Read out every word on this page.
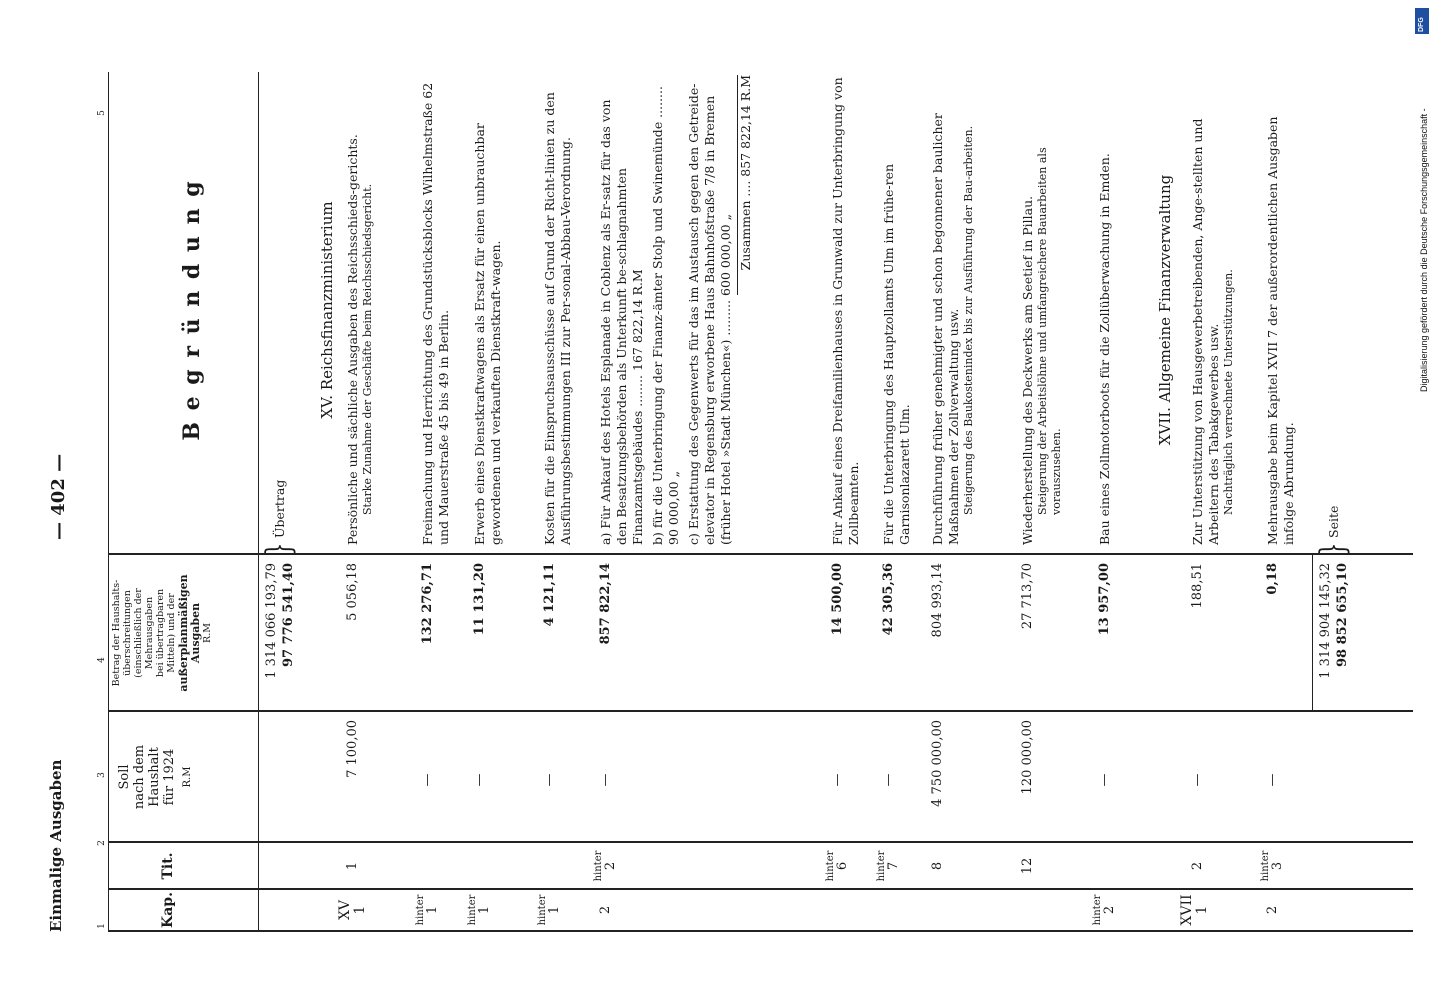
Einmalige Ausgaben
— 402 —
1
2
3
4
5
Kap.
Tit.
Soll nach dem Haushalt für 1924 R.M
Betrag der Haushalts- überschreitungen (einschließlich der Mehrausgaben bei übertragbaren Mitteln) und der außerplanmäßigen Ausgaben R.M
B e g r ü n d u n g
1 314 066 193,79 97 776 541,40
}
Übertrag
XV. Reichsfinanzministerium
XV 1
1
7 100,00
5 056,18
Persönliche und sächliche Ausgaben des Reichsschieds-gerichts. Starke Zunahme der Geschäfte beim Reichsschiedsgericht.
hinter 1
—
132 276,71
Freimachung und Herrichtung des Grundstücksblocks Wilhelmstraße 62 und Mauerstraße 45 bis 49 in Berlin.
hinter 1
—
11 131,20
Erwerb eines Dienstkraftwagens als Ersatz für einen unbrauchbar gewordenen und verkauften Dienstkraft-wagen.
hinter 1
—
4 121,11
Kosten für die Einspruchsausschüsse auf Grund der Richt-linien zu den Ausführungsbestimmungen III zur Per-sonal-Abbau-Verordnung.
2
hinter 2
—
857 822,14
a) Für Ankauf des Hotels Esplanade in Coblenz als Er-satz für das von den Besatzungsbehörden als Unterkunft be-schlagnahmten Finanzamtsgebäudes ........ 167 822,14 R.M b) für die Unterbringung der Finanz-ämter Stolp und Swinemünde ........ 90 000,00 „ c) Erstattung des Gegenwerts für das im Austausch gegen den Getreide-elevator in Regensburg erworbene Haus Bahnhofstraße 7/8 in Bremen (früher Hotel »Stadt München«) ......... 600 000,00 „
Zusammen .... 857 822,14 R.M
hinter 6
—
14 500,00
Für Ankauf eines Dreifamilienhauses in Grunwald zur Unterbringung von Zollbeamten.
hinter 7
—
42 305,36
Für die Unterbringung des Hauptzollamts Ulm im frühe-ren Garnisonlazarett Ulm.
8
4 750 000,00
804 993,14
Durchführung früher genehmigter und schon begonnener baulicher Maßnahmen der Zollverwaltung usw. Steigerung des Baukostenindex bis zur Ausführung der Bau-arbeiten.
12
120 000,00
27 713,70
Wiederherstellung des Deckwerks am Seetief in Pillau. Steigerung der Arbeitslöhne und umfangreichere Bauarbeiten als vorauszusehen.
hinter 2
—
13 957,00
Bau eines Zollmotorboots für die Zollüberwachung in Emden.	XVII. Allgemeine Finanzverwaltung
XVII 1
2
—
188,51
Zur Unterstützung von Hausgewerbetreibenden, Ange-stellten und Arbeitern des Tabakgewerbes usw. Nachträglich verrechnete Unterstützungen.
2
hinter 3
—
0,18
Mehrausgabe beim Kapitel XVII 7 der außerordentlichen Ausgaben infolge Abrundung.
1 314 904 145,32 98 852 655,10
}
Seite
DFG
Digitalisierung gefördert durch die Deutsche Forschungsgemeinschaft -
